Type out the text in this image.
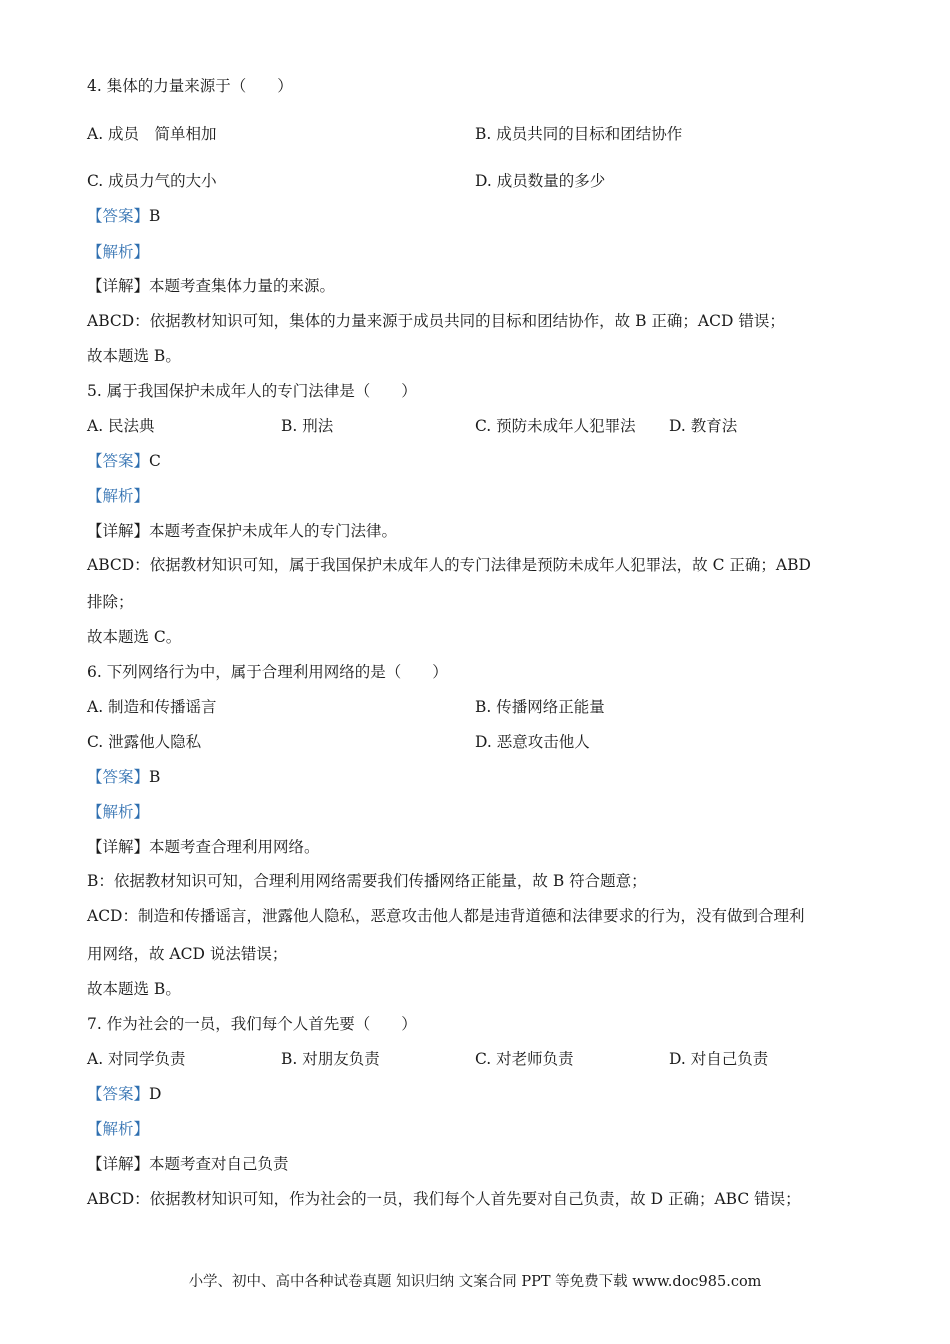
4. 集体的力量来源于（　　）
A. 成员　简单相加	B. 成员共同的目标和团结协作
C. 成员力气的大小	D. 成员数量的多少
【答案】B
【解析】
【详解】本题考查集体力量的来源。
ABCD：依据教材知识可知，集体的力量来源于成员共同的目标和团结协作，故 B 正确；ACD 错误；
故本题选 B。
5. 属于我国保护未成年人的专门法律是（　　）
A. 民法典	B. 刑法	C. 预防未成年人犯罪法 D. 教育法
【答案】C
【解析】
【详解】本题考查保护未成年人的专门法律。
ABCD：依据教材知识可知，属于我国保护未成年人的专门法律是预防未成年人犯罪法，故 C 正确；ABD
排除；
故本题选 C。
6. 下列网络行为中，属于合理利用网络的是（　　）
A. 制造和传播谣言	B. 传播网络正能量
C. 泄露他人隐私	D. 恶意攻击他人
【答案】B
【解析】
【详解】本题考查合理利用网络。
B：依据教材知识可知，合理利用网络需要我们传播网络正能量，故 B 符合题意；
ACD：制造和传播谣言，泄露他人隐私，恶意攻击他人都是违背道德和法律要求的行为，没有做到合理利
用网络，故 ACD 说法错误；
故本题选 B。
7. 作为社会的一员，我们每个人首先要（　　）
A. 对同学负责	B. 对朋友负责	C. 对老师负责	D. 对自己负责
【答案】D
【解析】
【详解】本题考查对自己负责
ABCD：依据教材知识可知，作为社会的一员，我们每个人首先要对自己负责，故 D 正确；ABC 错误；
小学、初中、高中各种试卷真题 知识归纳 文案合同 PPT 等免费下载 www.doc985.com
